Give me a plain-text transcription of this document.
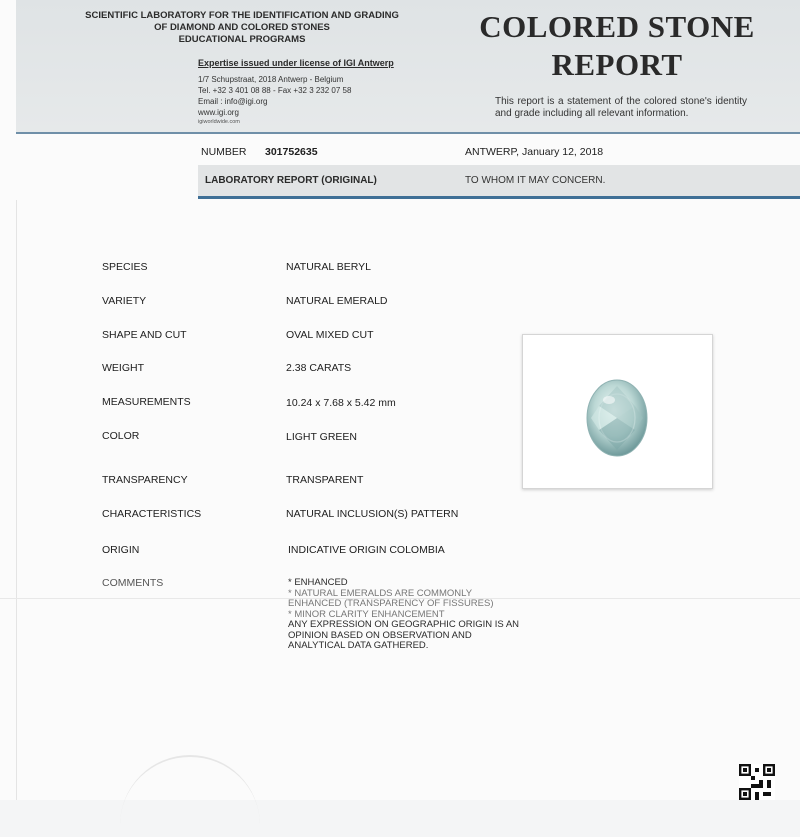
SCIENTIFIC LABORATORY FOR THE IDENTIFICATION AND GRADING
OF DIAMOND AND COLORED STONES
EDUCATIONAL PROGRAMS
Expertise issued under license of IGI Antwerp
1/7 Schupstraat, 2018 Antwerp - Belgium
Tel. +32 3 401 08 88 - Fax +32 3 232 07 58
Email : info@igi.org
www.igi.org
igiworldwide.com
COLORED STONE
REPORT
This report is a statement of the colored stone's identity and grade including all relevant information.
NUMBER 301752635	ANTWERP, January 12, 2018
LABORATORY REPORT (ORIGINAL)	TO WHOM IT MAY CONCERN.
SPECIES	NATURAL BERYL
VARIETY	NATURAL EMERALD
SHAPE AND CUT	OVAL MIXED CUT
WEIGHT	2.38 CARATS
MEASUREMENTS	10.24 x 7.68 x 5.42 mm
COLOR	LIGHT GREEN
TRANSPARENCY	TRANSPARENT
CHARACTERISTICS	NATURAL INCLUSION(S) PATTERN
ORIGIN	INDICATIVE ORIGIN COLOMBIA
COMMENTS	* ENHANCED
* NATURAL EMERALDS ARE COMMONLY
ENHANCED (TRANSPARENCY OF FISSURES)
* MINOR CLARITY ENHANCEMENT
ANY EXPRESSION ON GEOGRAPHIC ORIGIN IS AN
OPINION BASED ON OBSERVATION AND
ANALYTICAL DATA GATHERED.
